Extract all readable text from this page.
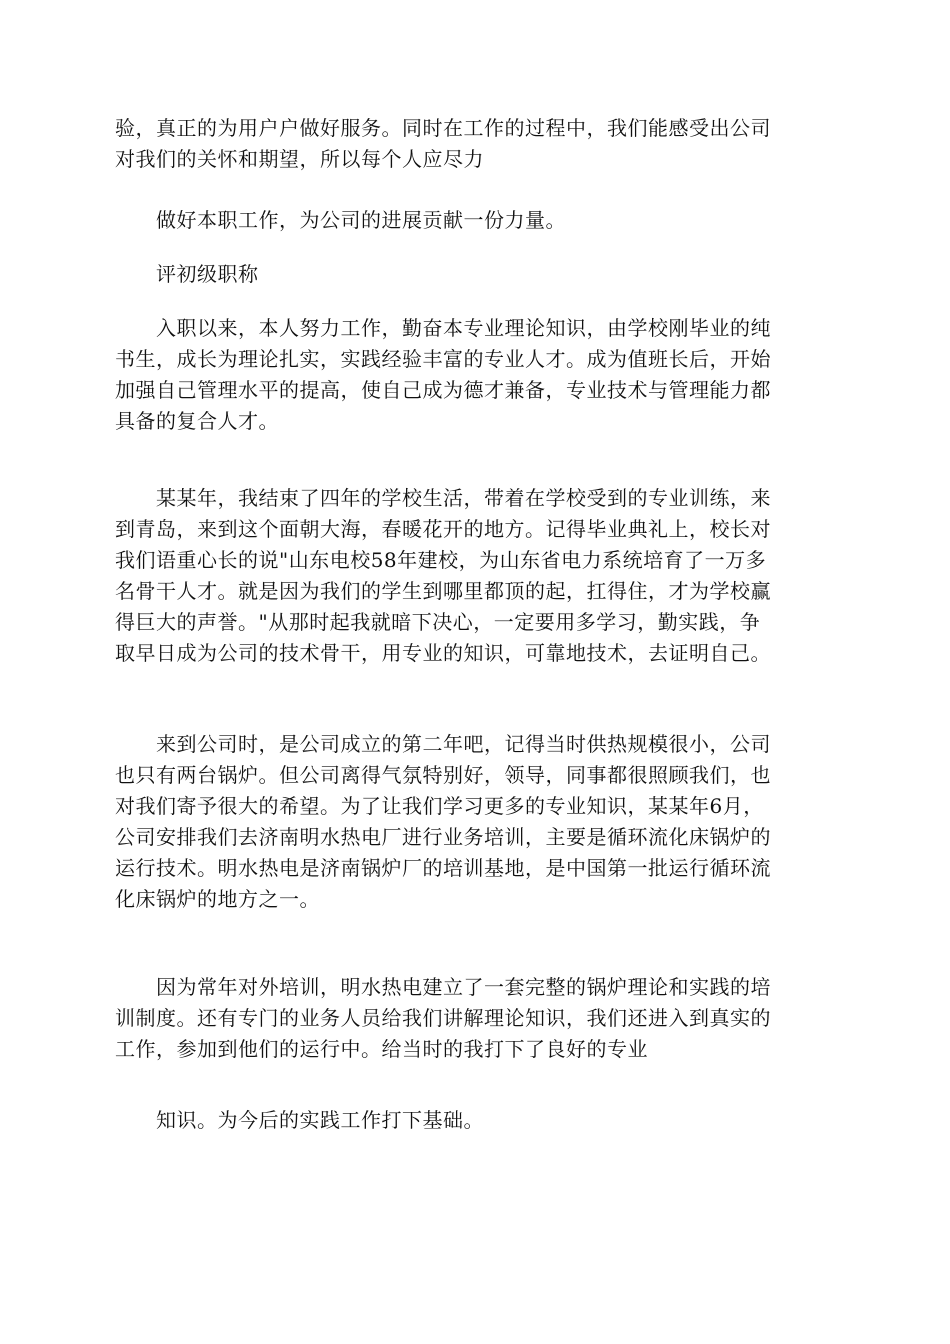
验，真正的为用户户做好服务。同时在工作的过程中，我们能感受出公司
对我们的关怀和期望，所以每个人应尽力

　　做好本职工作，为公司的进展贡献一份力量。

　　评初级职称

　　入职以来，本人努力工作，勤奋本专业理论知识，由学校刚毕业的纯
书生，成长为理论扎实，实践经验丰富的专业人才。成为值班长后，开始
加强自己管理水平的提高，使自己成为德才兼备，专业技术与管理能力都
具备的复合人才。

　　某某年，我结束了四年的学校生活，带着在学校受到的专业训练，来
到青岛，来到这个面朝大海，春暖花开的地方。记得毕业典礼上，校长对
我们语重心长的说"山东电校58年建校，为山东省电力系统培育了一万多
名骨干人才。就是因为我们的学生到哪里都顶的起，扛得住，才为学校赢
得巨大的声誉。"从那时起我就暗下决心，一定要用多学习，勤实践，争
取早日成为公司的技术骨干，用专业的知识，可靠地技术，去证明自己。

　　来到公司时，是公司成立的第二年吧，记得当时供热规模很小，公司
也只有两台锅炉。但公司离得气氛特别好，领导，同事都很照顾我们，也
对我们寄予很大的希望。为了让我们学习更多的专业知识，某某年6月，
公司安排我们去济南明水热电厂进行业务培训，主要是循环流化床锅炉的
运行技术。明水热电是济南锅炉厂的培训基地，是中国第一批运行循环流
化床锅炉的地方之一。

　　因为常年对外培训，明水热电建立了一套完整的锅炉理论和实践的培
训制度。还有专门的业务人员给我们讲解理论知识，我们还进入到真实的
工作，参加到他们的运行中。给当时的我打下了良好的专业

　　知识。为今后的实践工作打下基础。
